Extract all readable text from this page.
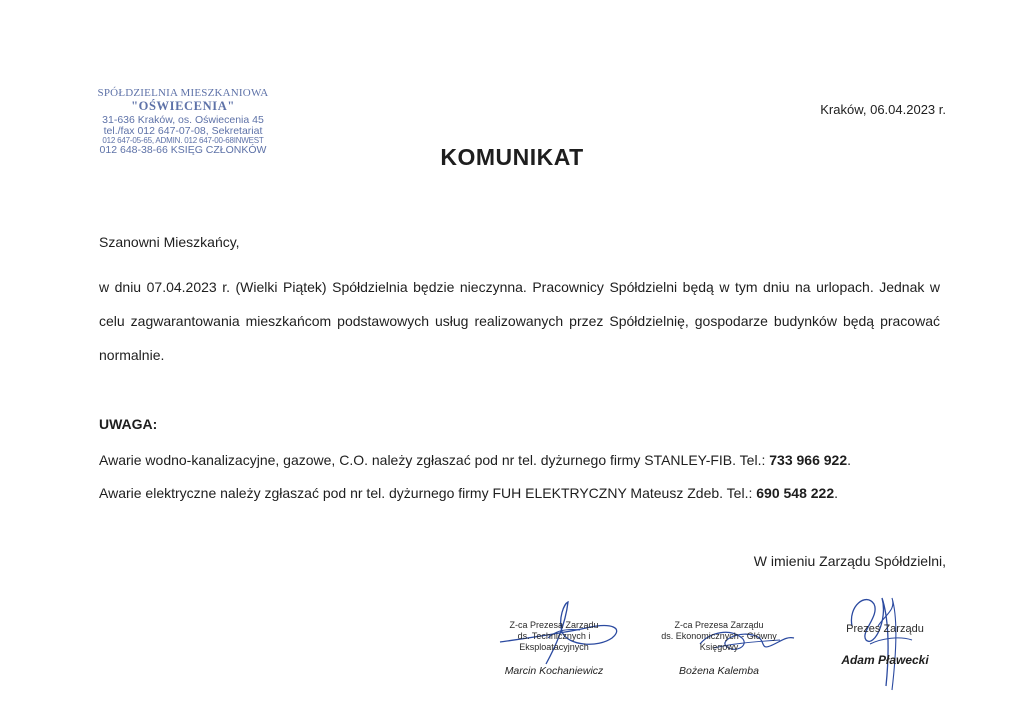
SPÓŁDZIELNIA MIESZKANIOWA
"OŚWIECENIA"
31-636 Kraków, os. Oświecenia 45
tel./fax 012 647-07-08, Sekretariat
012 647-05-65, ADMIN. 012 647-00-68INWEST
012 648-38-66 KSIĘG CZŁONKÓW
Kraków, 06.04.2023 r.
KOMUNIKAT
Szanowni Mieszkańcy,
w dniu 07.04.2023 r. (Wielki Piątek) Spółdzielnia będzie nieczynna. Pracownicy Spółdzielni będą w tym dniu na urlopach. Jednak w celu zagwarantowania mieszkańcom podstawowych usług realizowanych przez Spółdzielnię, gospodarze budynków będą pracować normalnie.
UWAGA:
Awarie wodno-kanalizacyjne, gazowe, C.O. należy zgłaszać pod nr tel. dyżurnego firmy STANLEY-FIB. Tel.: 733 966 922.
Awarie elektryczne należy zgłaszać pod nr tel. dyżurnego firmy FUH ELEKTRYCZNY Mateusz Zdeb. Tel.: 690 548 222.
W imieniu Zarządu Spółdzielni,
Z-ca Prezesa Zarządu
ds. Technicznych i Eksploatacyjnych
Marcin Kochaniewicz
Z-ca Prezesa Zarządu
ds. Ekonomicznych - Główny Księgowy
Bożena Kalemba
Prezes Zarządu
Adam Pławecki
